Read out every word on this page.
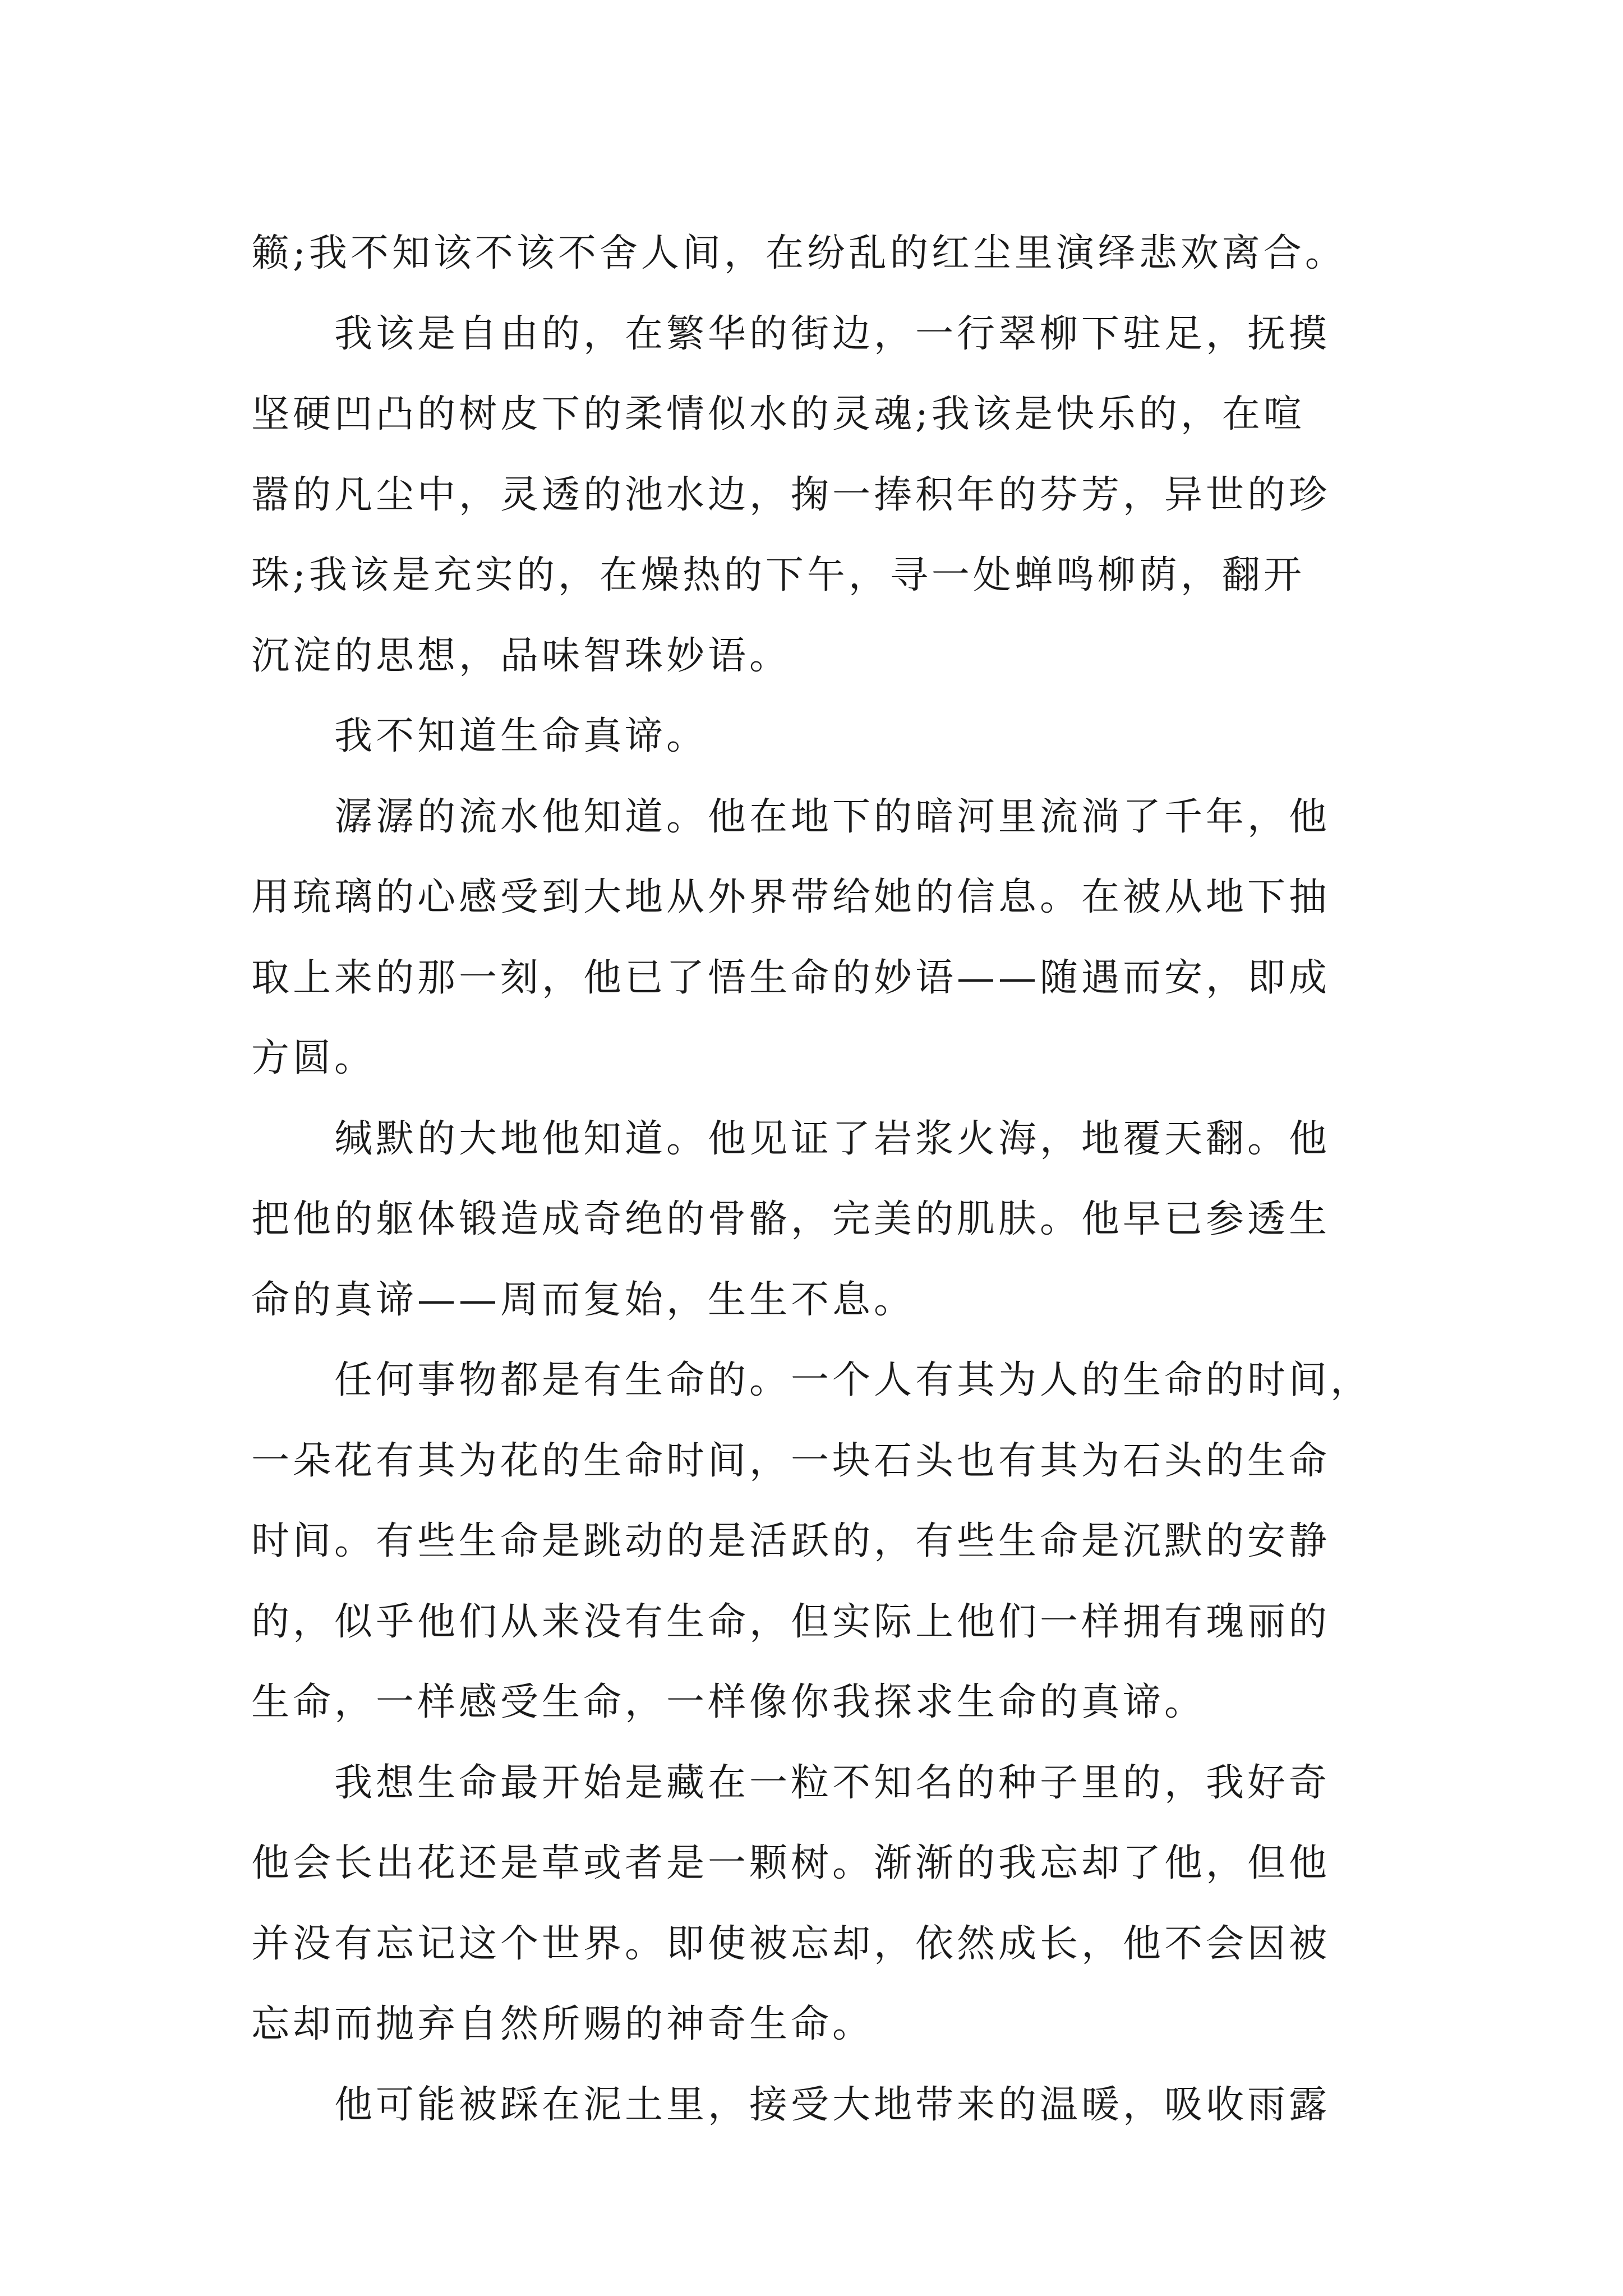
籁;我不知该不该不舍人间，在纷乱的红尘里演绎悲欢离合。
我该是自由的，在繁华的街边，一行翠柳下驻足，抚摸
坚硬凹凸的树皮下的柔情似水的灵魂;我该是快乐的，在喧
嚣的凡尘中，灵透的池水边，掬一捧积年的芬芳，异世的珍
珠;我该是充实的，在燥热的下午，寻一处蝉鸣柳荫，翻开
沉淀的思想，品味智珠妙语。
我不知道生命真谛。
潺潺的流水他知道。他在地下的暗河里流淌了千年，他
用琉璃的心感受到大地从外界带给她的信息。在被从地下抽
取上来的那一刻，他已了悟生命的妙语——随遇而安，即成
方圆。
缄默的大地他知道。他见证了岩浆火海，地覆天翻。他
把他的躯体锻造成奇绝的骨骼，完美的肌肤。他早已参透生
命的真谛——周而复始，生生不息。
任何事物都是有生命的。一个人有其为人的生命的时间，
一朵花有其为花的生命时间，一块石头也有其为石头的生命
时间。有些生命是跳动的是活跃的，有些生命是沉默的安静
的，似乎他们从来没有生命，但实际上他们一样拥有瑰丽的
生命，一样感受生命，一样像你我探求生命的真谛。
我想生命最开始是藏在一粒不知名的种子里的，我好奇
他会长出花还是草或者是一颗树。渐渐的我忘却了他，但他
并没有忘记这个世界。即使被忘却，依然成长，他不会因被
忘却而抛弃自然所赐的神奇生命。
他可能被踩在泥土里，接受大地带来的温暖，吸收雨露
